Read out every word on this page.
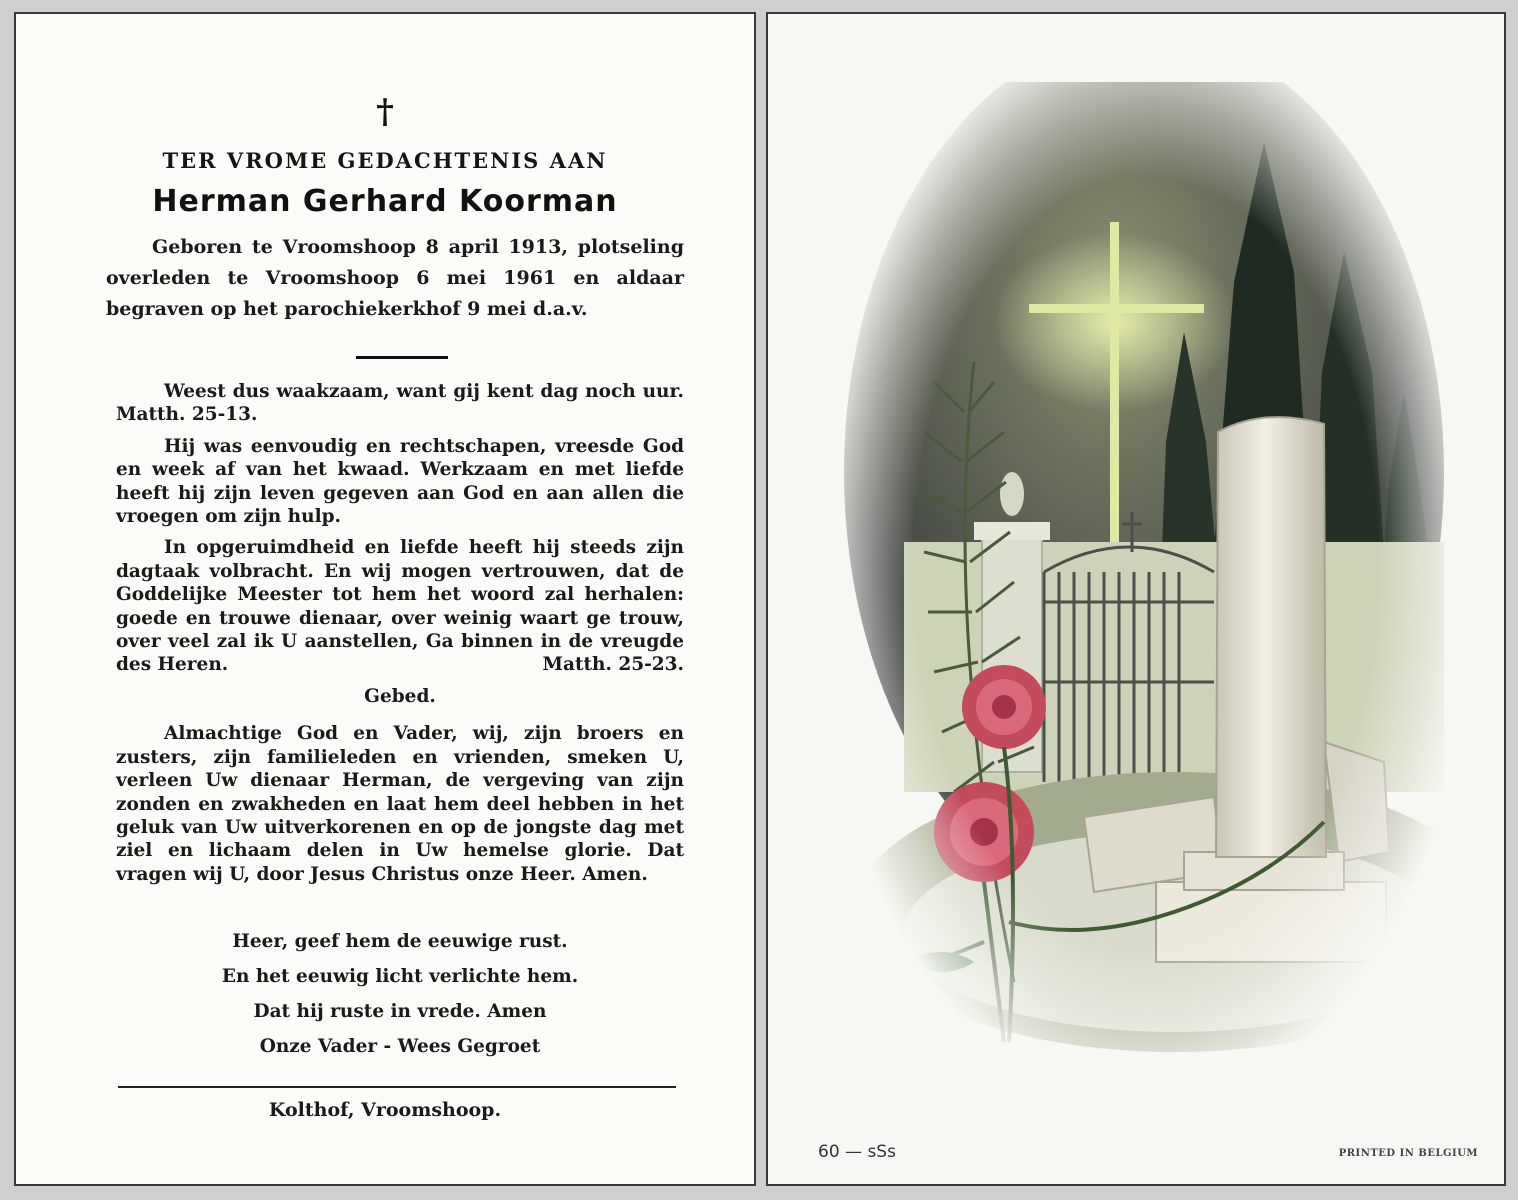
†
TER VROME GEDACHTENIS AAN
Herman Gerhard Koorman
Geboren te Vroomshoop 8 april 1913, plotseling overleden te Vroomshoop 6 mei 1961 en aldaar begraven op het parochiekerkhof 9 mei d.a.v.

Weest dus waakzaam, want gij kent dag noch uur. Matth. 25-13.

Hij was eenvoudig en rechtschapen, vreesde God en week af van het kwaad. Werkzaam en met liefde heeft hij zijn leven gegeven aan God en aan allen die vroegen om zijn hulp.

In opgeruimdheid en liefde heeft hij steeds zijn dagtaak volbracht. En wij mogen vertrouwen, dat de Goddelijke Meester tot hem het woord zal herhalen: goede en trouwe dienaar, over weinig waart ge trouw, over veel zal ik U aanstellen, Ga binnen in de vreugde des Heren.	Matth. 25-23.

Gebed.

Almachtige God en Vader, wij, zijn broers en zusters, zijn familieleden en vrienden, smeken U, verleen Uw dienaar Herman, de vergeving van zijn zonden en zwakheden en laat hem deel hebben in het geluk van Uw uitverkorenen en op de jongste dag met ziel en lichaam delen in Uw hemelse glorie. Dat vragen wij U, door Jesus Christus onze Heer. Amen.

Heer, geef hem de eeuwige rust.
En het eeuwig licht verlichte hem.
Dat hij ruste in vrede. Amen
Onze Vader - Wees Gegroet
Kolthof, Vroomshoop.
60 — sSs	PRINTED IN BELGIUM
